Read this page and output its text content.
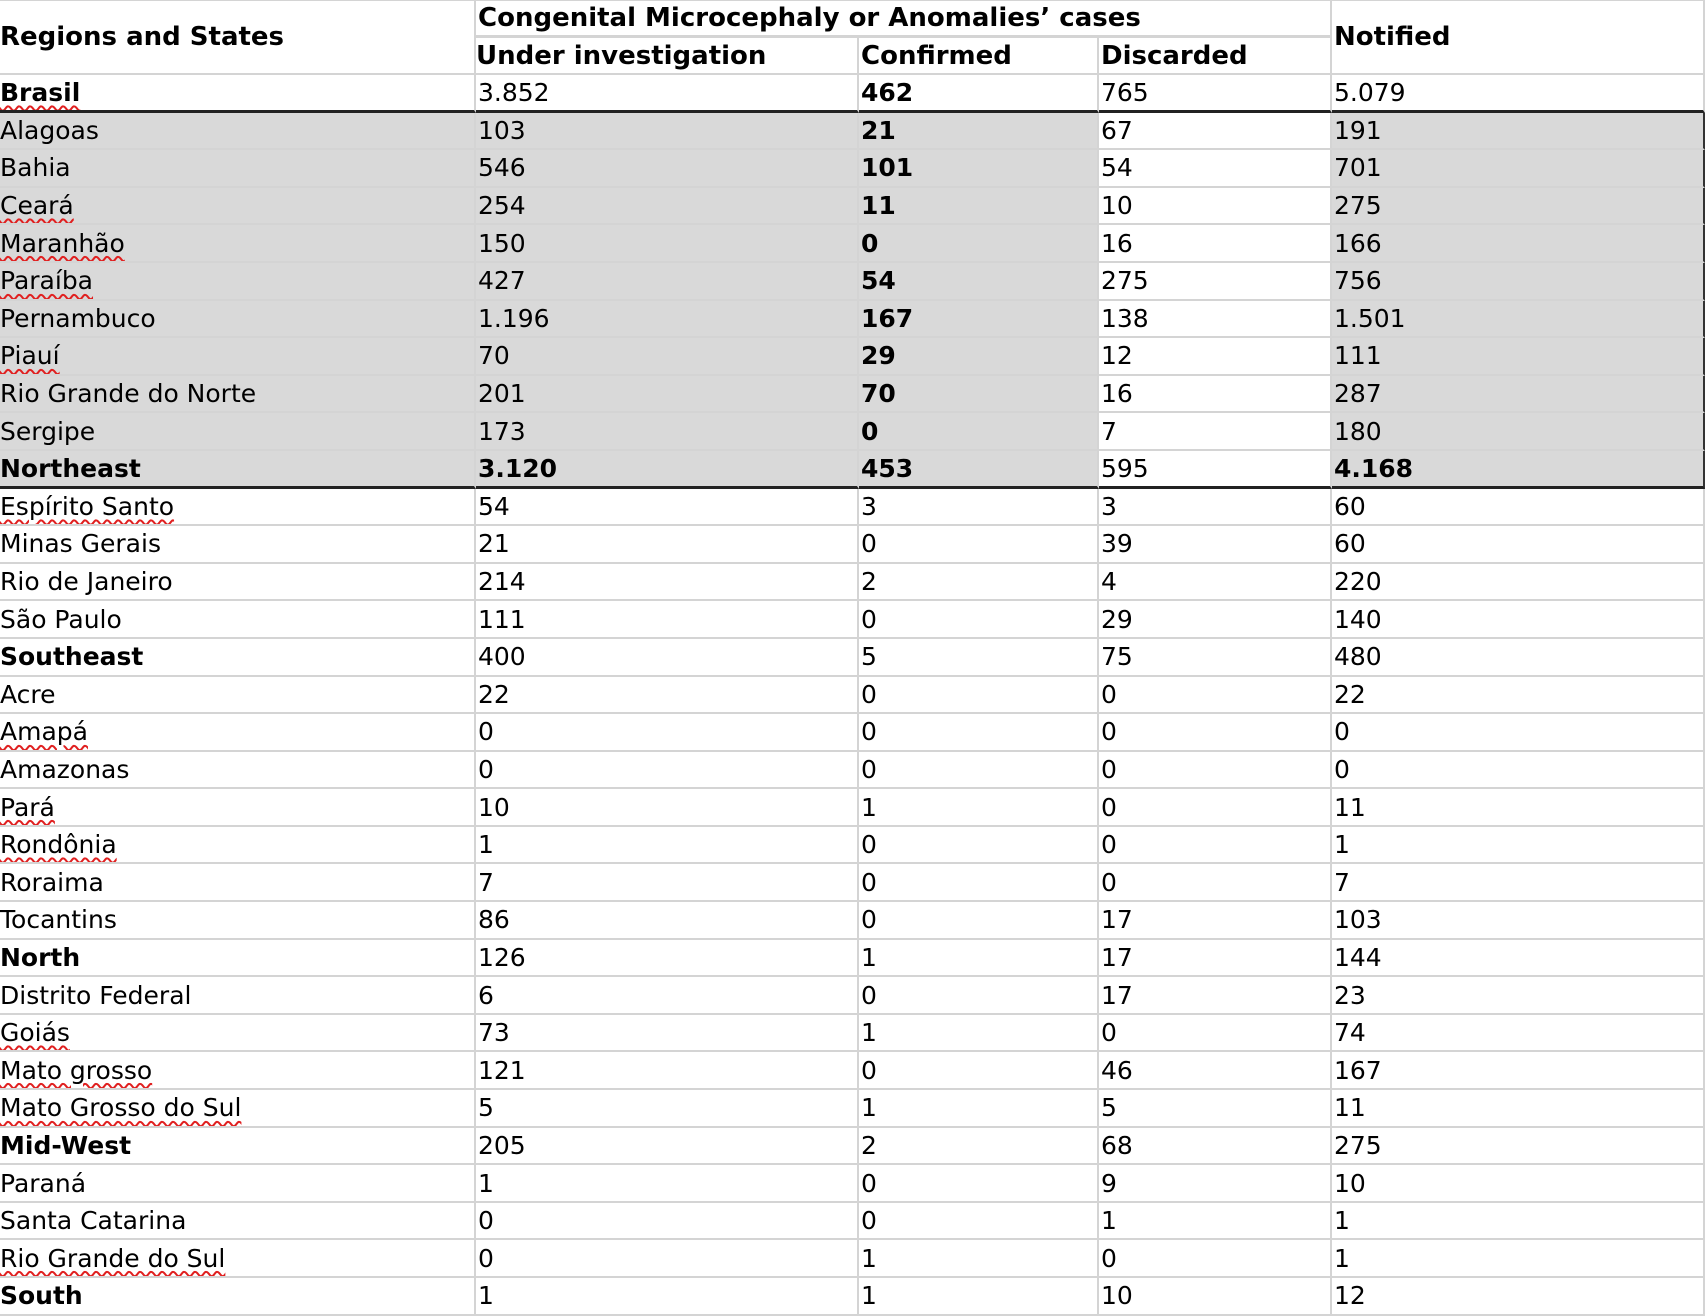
Regions and States	Congenital Microcephaly or Anomalies’ cases			Notified
	Under investigation	Confirmed	Discarded	
Brasil	3.852	462	765	5.079
Alagoas	103	21	67	191
Bahia	546	101	54	701
Ceará	254	11	10	275
Maranhão	150	0	16	166
Paraíba	427	54	275	756
Pernambuco	1.196	167	138	1.501
Piauí	70	29	12	111
Rio Grande do Norte	201	70	16	287
Sergipe	173	0	7	180
Northeast	3.120	453	595	4.168
Espírito Santo	54	3	3	60
Minas Gerais	21	0	39	60
Rio de Janeiro	214	2	4	220
São Paulo	111	0	29	140
Southeast	400	5	75	480
Acre	22	0	0	22
Amapá	0	0	0	0
Amazonas	0	0	0	0
Pará	10	1	0	11
Rondônia	1	0	0	1
Roraima	7	0	0	7
Tocantins	86	0	17	103
North	126	1	17	144
Distrito Federal	6	0	17	23
Goiás	73	1	0	74
Mato grosso	121	0	46	167
Mato Grosso do Sul	5	1	5	11
Mid-West	205	2	68	275
Paraná	1	0	9	10
Santa Catarina	0	0	1	1
Rio Grande do Sul	0	1	0	1
South	1	1	10	12
